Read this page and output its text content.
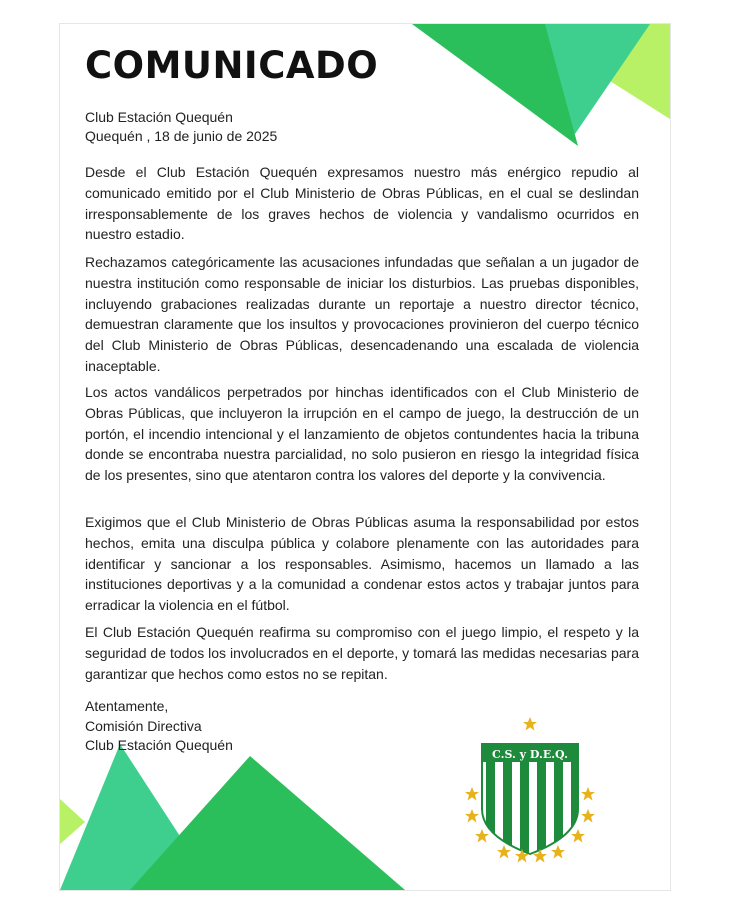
COMUNICADO
Club Estación Quequén
Quequén , 18 de junio de 2025

Desde el Club Estación Quequén expresamos nuestro más enérgico repudio al comunicado emitido por el Club Ministerio de Obras Públicas, en el cual se deslindan irresponsablemente de los graves hechos de violencia y vandalismo ocurridos en nuestro estadio.

Rechazamos categóricamente las acusaciones infundadas que señalan a un jugador de nuestra institución como responsable de iniciar los disturbios. Las pruebas disponibles, incluyendo grabaciones realizadas durante un reportaje a nuestro director técnico, demuestran claramente que los insultos y provocaciones provinieron del cuerpo técnico del Club Ministerio de Obras Públicas, desencadenando una escalada de violencia inaceptable.

Los actos vandálicos perpetrados por hinchas identificados con el Club Ministerio de Obras Públicas, que incluyeron la irrupción en el campo de juego, la destrucción de un portón, el incendio intencional y el lanzamiento de objetos contundentes hacia la tribuna donde se encontraba nuestra parcialidad, no solo pusieron en riesgo la integridad física de los presentes, sino que atentaron contra los valores del deporte y la convivencia.

Exigimos que el Club Ministerio de Obras Públicas asuma la responsabilidad por estos hechos, emita una disculpa pública y colabore plenamente con las autoridades para identificar y sancionar a los responsables. Asimismo, hacemos un llamado a las instituciones deportivas y a la comunidad a condenar estos actos y trabajar juntos para erradicar la violencia en el fútbol.

El Club Estación Quequén reafirma su compromiso con el juego limpio, el respeto y la seguridad de todos los involucrados en el deporte, y tomará las medidas necesarias para garantizar que hechos como estos no se repitan.

Atentamente,
Comisión Directiva
Club Estación Quequén
C.S. y D.E.Q.
